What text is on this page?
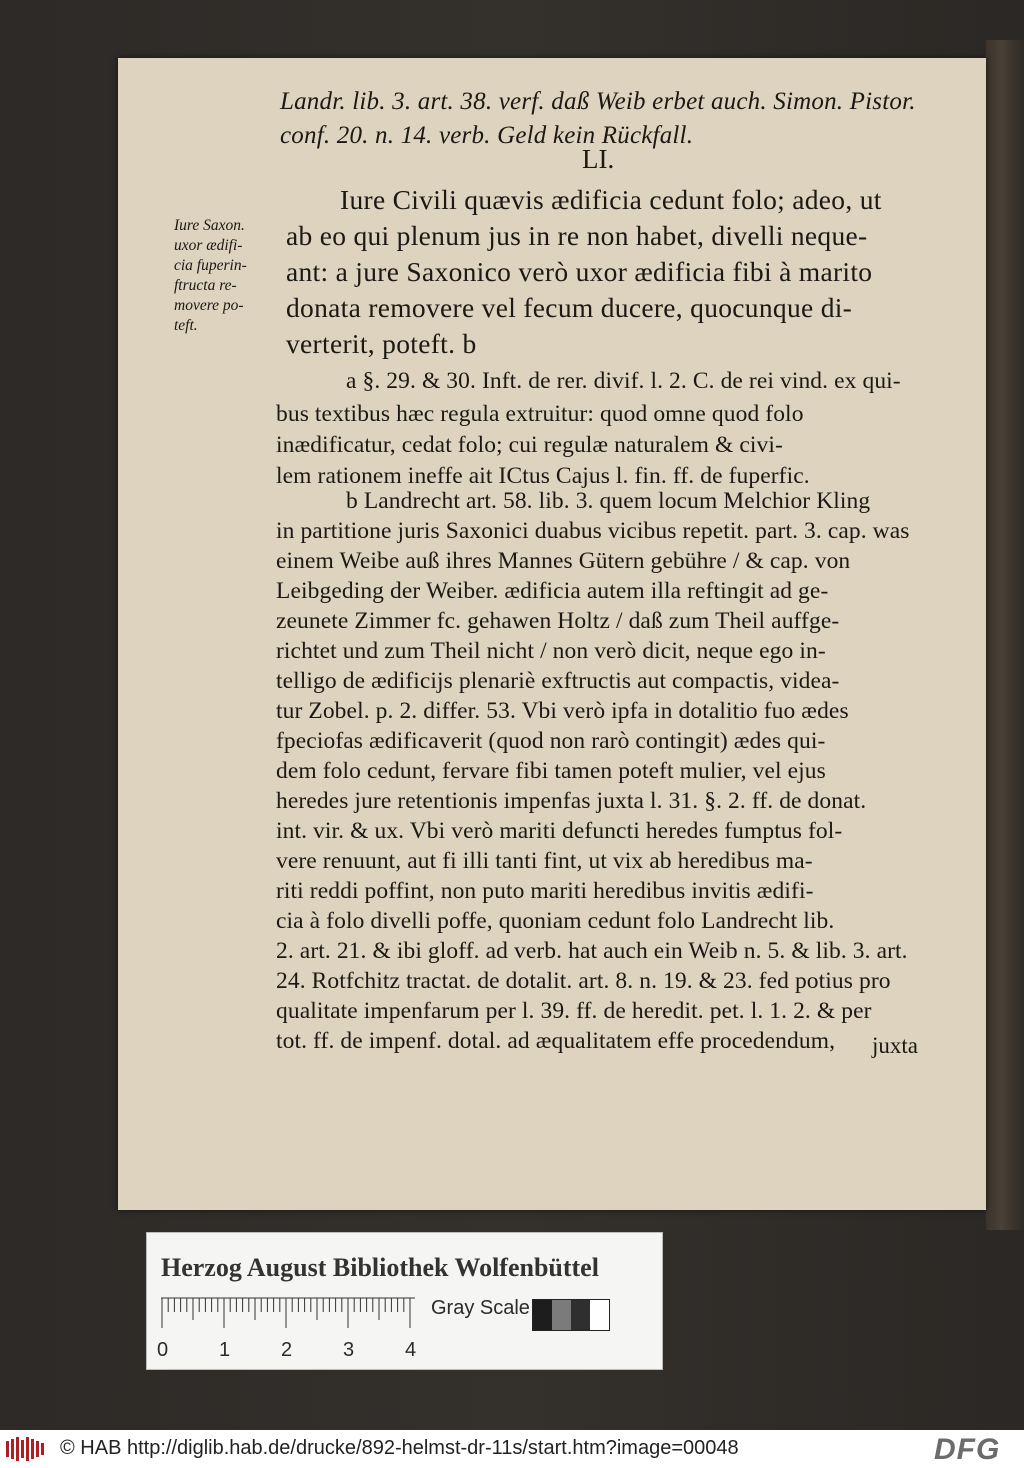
Landr. lib. 3. art. 38. verf. daß Weib erbet auch. Simon. Pistor.
conf. 20. n. 14. verb. Geld kein Rückfall.
LI.
Iure Saxon.
uxor ædifi-
cia fuperin-
ftructa re-
movere po-
teft.
Iure Civili quævis ædificia cedunt folo; adeo, ut
ab eo qui plenum jus in re non habet, divelli neque-
ant: a jure Saxonico verò uxor ædificia fibi à marito
donata removere vel fecum ducere, quocunque di-
verterit, poteft. b
a §. 29. & 30. Inft. de rer. divif. l. 2. C. de rei vind. ex qui-
bus textibus hæc regula extruitur: quod omne quod folo
inædificatur, cedat folo; cui regulæ naturalem & civi-
lem rationem ineffe ait ICtus Cajus l. fin. ff. de fuperfic.
b Landrecht art. 58. lib. 3. quem locum Melchior Kling
in partitione juris Saxonici duabus vicibus repetit. part. 3. cap. was
einem Weibe auß ihres Mannes Gütern gebühre / & cap. von
Leibgeding der Weiber. ædificia autem illa reftingit ad ge-
zeunete Zimmer fc. gehawen Holtz / daß zum Theil auffge-
richtet und zum Theil nicht / non verò dicit, neque ego in-
telligo de ædificijs plenariè exftructis aut compactis, videa-
tur Zobel. p. 2. differ. 53. Vbi verò ipfa in dotalitio fuo ædes
fpeciofas ædificaverit (quod non rarò contingit) ædes qui-
dem folo cedunt, fervare fibi tamen poteft mulier, vel ejus
heredes jure retentionis impenfas juxta l. 31. §. 2. ff. de donat.
int. vir. & ux. Vbi verò mariti defuncti heredes fumptus fol-
vere renuunt, aut fi illi tanti fint, ut vix ab heredibus ma-
riti reddi poffint, non puto mariti heredibus invitis ædifi-
cia à folo divelli poffe, quoniam cedunt folo Landrecht lib.
2. art. 21. & ibi gloff. ad verb. hat auch ein Weib n. 5. & lib. 3. art.
24. Rotfchitz tractat. de dotalit. art. 8. n. 19. & 23. fed potius pro
qualitate impenfarum per l. 39. ff. de heredit. pet. l. 1. 2. & per
tot. ff. de impenf. dotal. ad æqualitatem effe procedendum, juxta
Herzog August Bibliothek Wolfenbüttel
0	1	2	3	4
Gray Scale
© HAB http://diglib.hab.de/drucke/892-helmst-dr-11s/start.htm?image=00048	DFG
